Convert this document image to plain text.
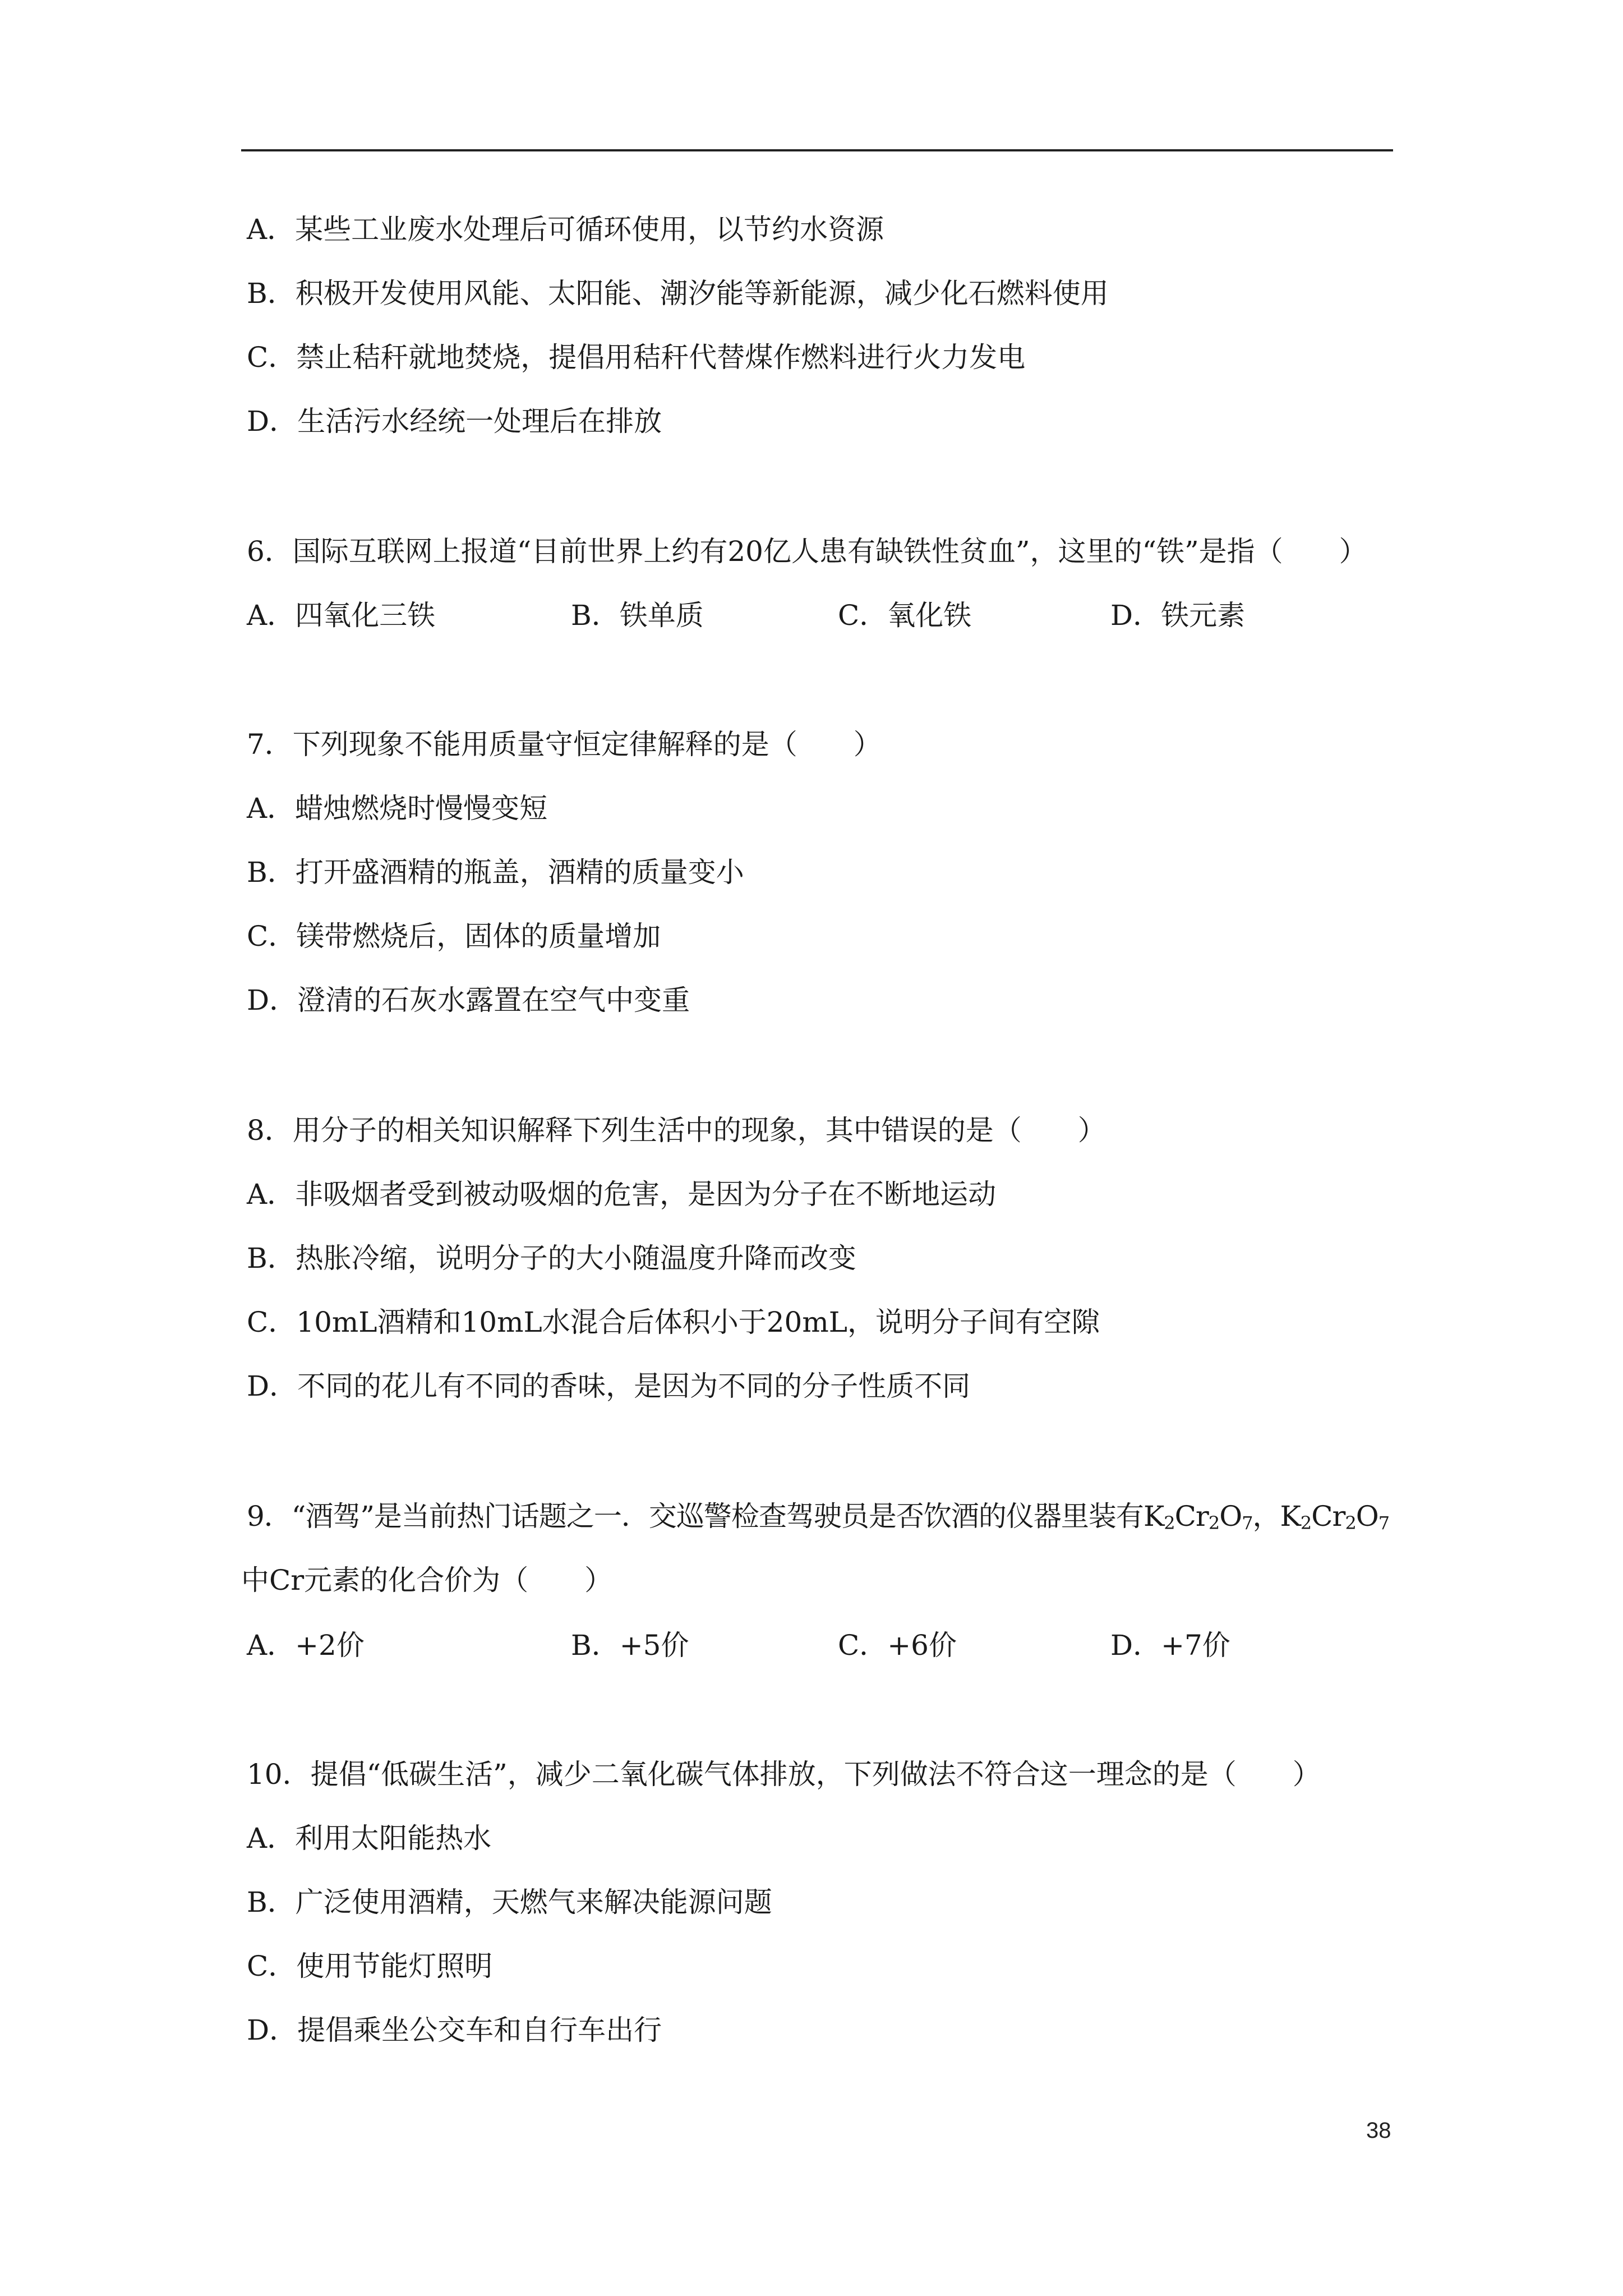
A．某些工业废水处理后可循环使用，以节约水资源
B．积极开发使用风能、太阳能、潮汐能等新能源，减少化石燃料使用
C．禁止秸秆就地焚烧，提倡用秸秆代替煤作燃料进行火力发电
D．生活污水经统一处理后在排放
6．国际互联网上报道“目前世界上约有20亿人患有缺铁性贫血”，这里的“铁”是指（　　）
A．四氧化三铁	B．铁单质	C．氧化铁	D．铁元素
7．下列现象不能用质量守恒定律解释的是（　　）
A．蜡烛燃烧时慢慢变短
B．打开盛酒精的瓶盖，酒精的质量变小
C．镁带燃烧后，固体的质量增加
D．澄清的石灰水露置在空气中变重
8．用分子的相关知识解释下列生活中的现象，其中错误的是（　　）
A．非吸烟者受到被动吸烟的危害，是因为分子在不断地运动
B．热胀冷缩，说明分子的大小随温度升降而改变
C．10mL酒精和10mL水混合后体积小于20mL，说明分子间有空隙
D．不同的花儿有不同的香味，是因为不同的分子性质不同
9．“酒驾”是当前热门话题之一．交巡警检查驾驶员是否饮酒的仪器里装有$K_2Cr_2O_7$，$K_2Cr_2O_7$
中Cr元素的化合价为（　　）
A．+2价	B．+5价	C．+6价	D．+7价
10．提倡“低碳生活”，减少二氧化碳气体排放，下列做法不符合这一理念的是（　　）
A．利用太阳能热水
B．广泛使用酒精，天燃气来解决能源问题
C．使用节能灯照明
D．提倡乘坐公交车和自行车出行
38
